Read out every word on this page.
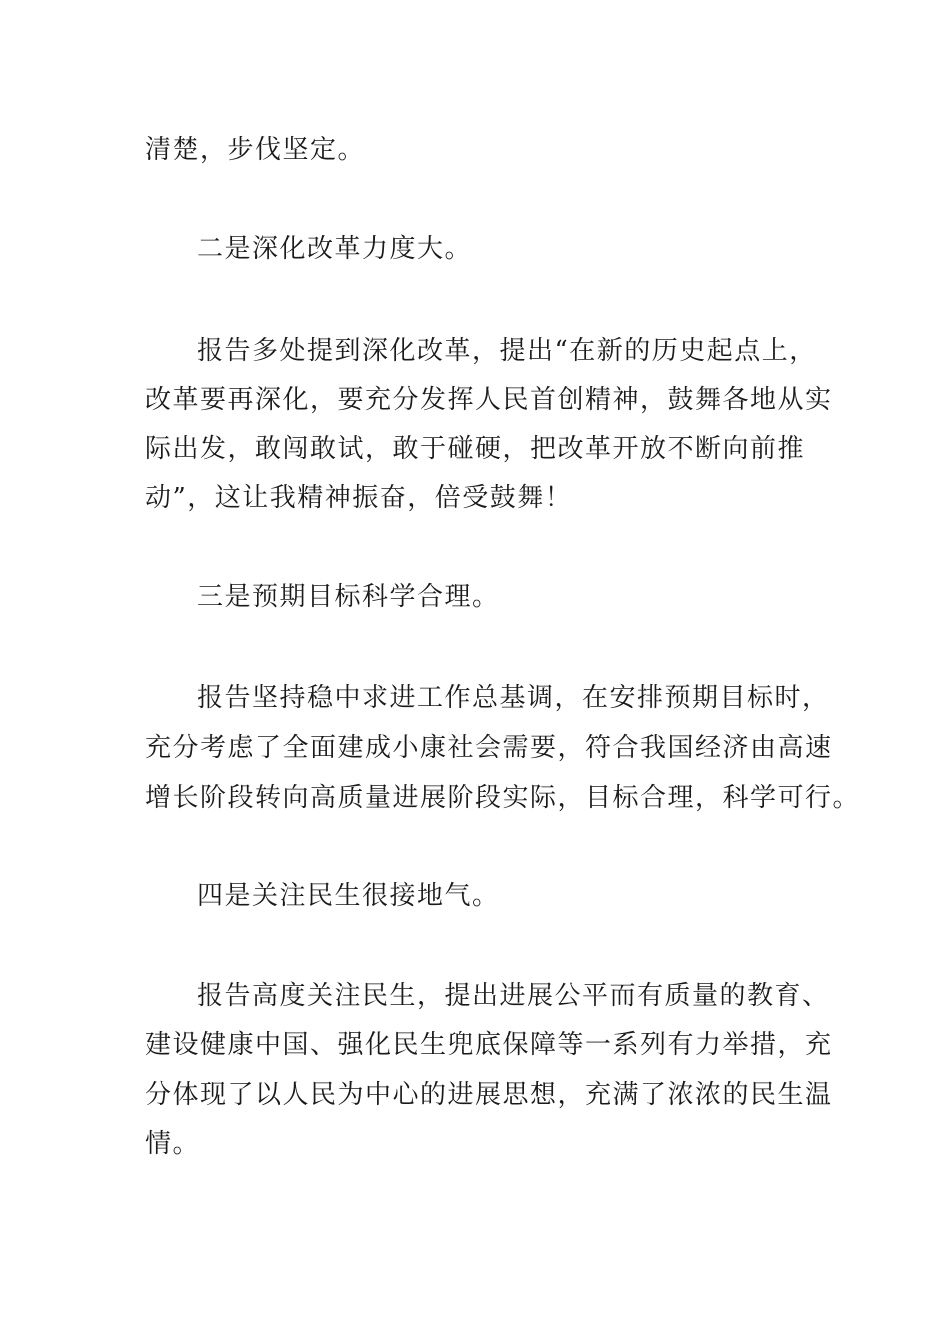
清楚，步伐坚定。
二是深化改革力度大。
报告多处提到深化改革，提出“在新的历史起点上，
改革要再深化，要充分发挥人民首创精神，鼓舞各地从实
际出发，敢闯敢试，敢于碰硬，把改革开放不断向前推
动”，这让我精神振奋，倍受鼓舞！
三是预期目标科学合理。
报告坚持稳中求进工作总基调，在安排预期目标时，
充分考虑了全面建成小康社会需要，符合我国经济由高速
增长阶段转向高质量进展阶段实际，目标合理，科学可行。
四是关注民生很接地气。
报告高度关注民生，提出进展公平而有质量的教育、
建设健康中国、强化民生兜底保障等一系列有力举措，充
分体现了以人民为中心的进展思想，充满了浓浓的民生温
情。
